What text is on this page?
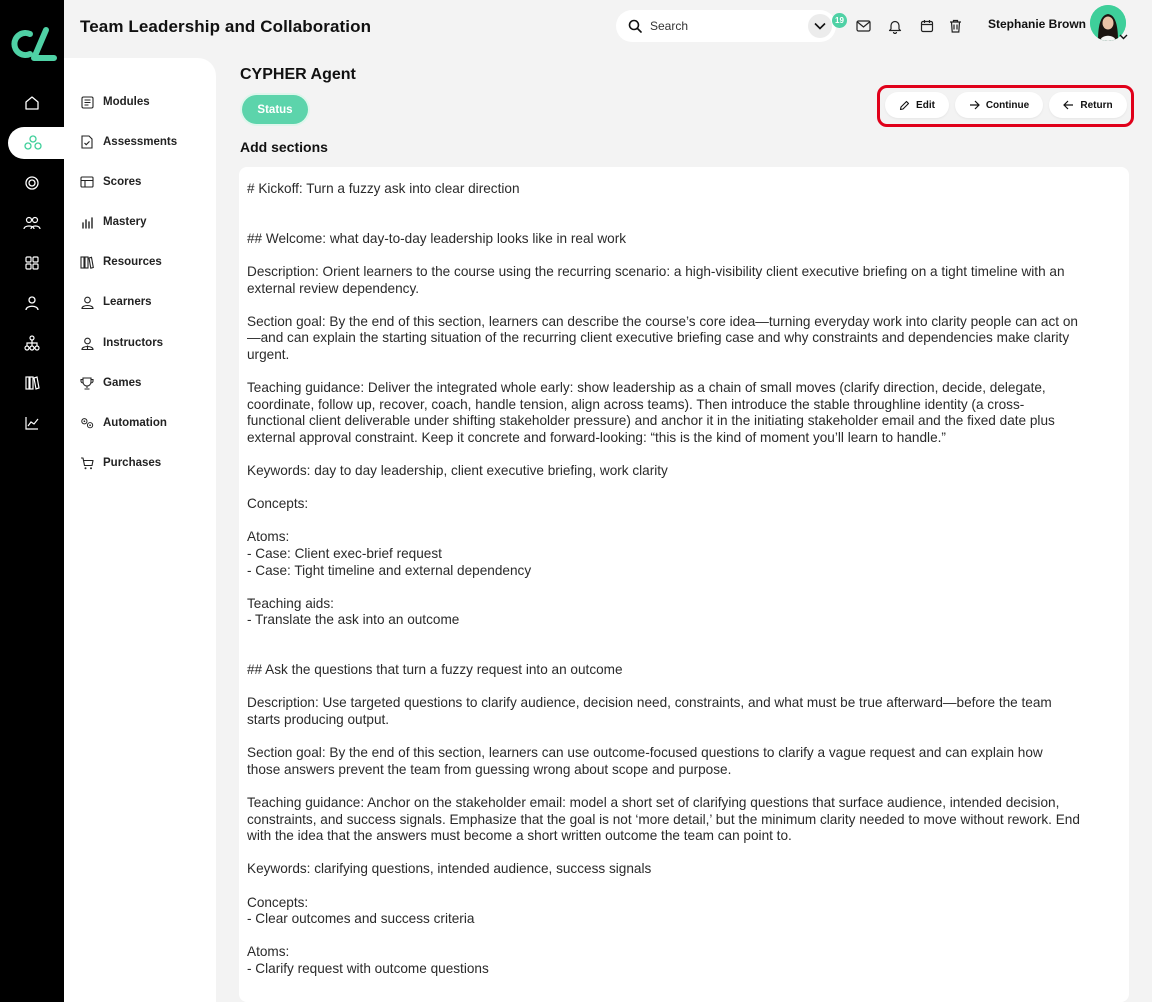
Team Leadership and Collaboration	Search	19	Stephanie Brown
Modules
Assessments
Scores
Mastery
Resources
Learners
Instructors
Games
Automation
Purchases
CYPHER Agent
Status	Edit	Continue	Return
Add sections
# Kickoff: Turn a fuzzy ask into clear direction
## Welcome: what day-to-day leadership looks like in real work
Description: Orient learners to the course using the recurring scenario: a high-visibility client executive briefing on a tight timeline with an
external review dependency.
Section goal: By the end of this section, learners can describe the course’s core idea—turning everyday work into clarity people can act on
—and can explain the starting situation of the recurring client executive briefing case and why constraints and dependencies make clarity
urgent.
Teaching guidance: Deliver the integrated whole early: show leadership as a chain of small moves (clarify direction, decide, delegate,
coordinate, follow up, recover, coach, handle tension, align across teams). Then introduce the stable throughline identity (a cross-
functional client deliverable under shifting stakeholder pressure) and anchor it in the initiating stakeholder email and the fixed date plus
external approval constraint. Keep it concrete and forward-looking: “this is the kind of moment you’ll learn to handle.”
Keywords: day to day leadership, client executive briefing, work clarity
Concepts:
Atoms:
- Case: Client exec-brief request
- Case: Tight timeline and external dependency
Teaching aids:
- Translate the ask into an outcome
## Ask the questions that turn a fuzzy request into an outcome
Description: Use targeted questions to clarify audience, decision need, constraints, and what must be true afterward—before the team
starts producing output.
Section goal: By the end of this section, learners can use outcome-focused questions to clarify a vague request and can explain how
those answers prevent the team from guessing wrong about scope and purpose.
Teaching guidance: Anchor on the stakeholder email: model a short set of clarifying questions that surface audience, intended decision,
constraints, and success signals. Emphasize that the goal is not ‘more detail,’ but the minimum clarity needed to move without rework. End
with the idea that the answers must become a short written outcome the team can point to.
Keywords: clarifying questions, intended audience, success signals
Concepts:
- Clear outcomes and success criteria
Atoms:
- Clarify request with outcome questions
